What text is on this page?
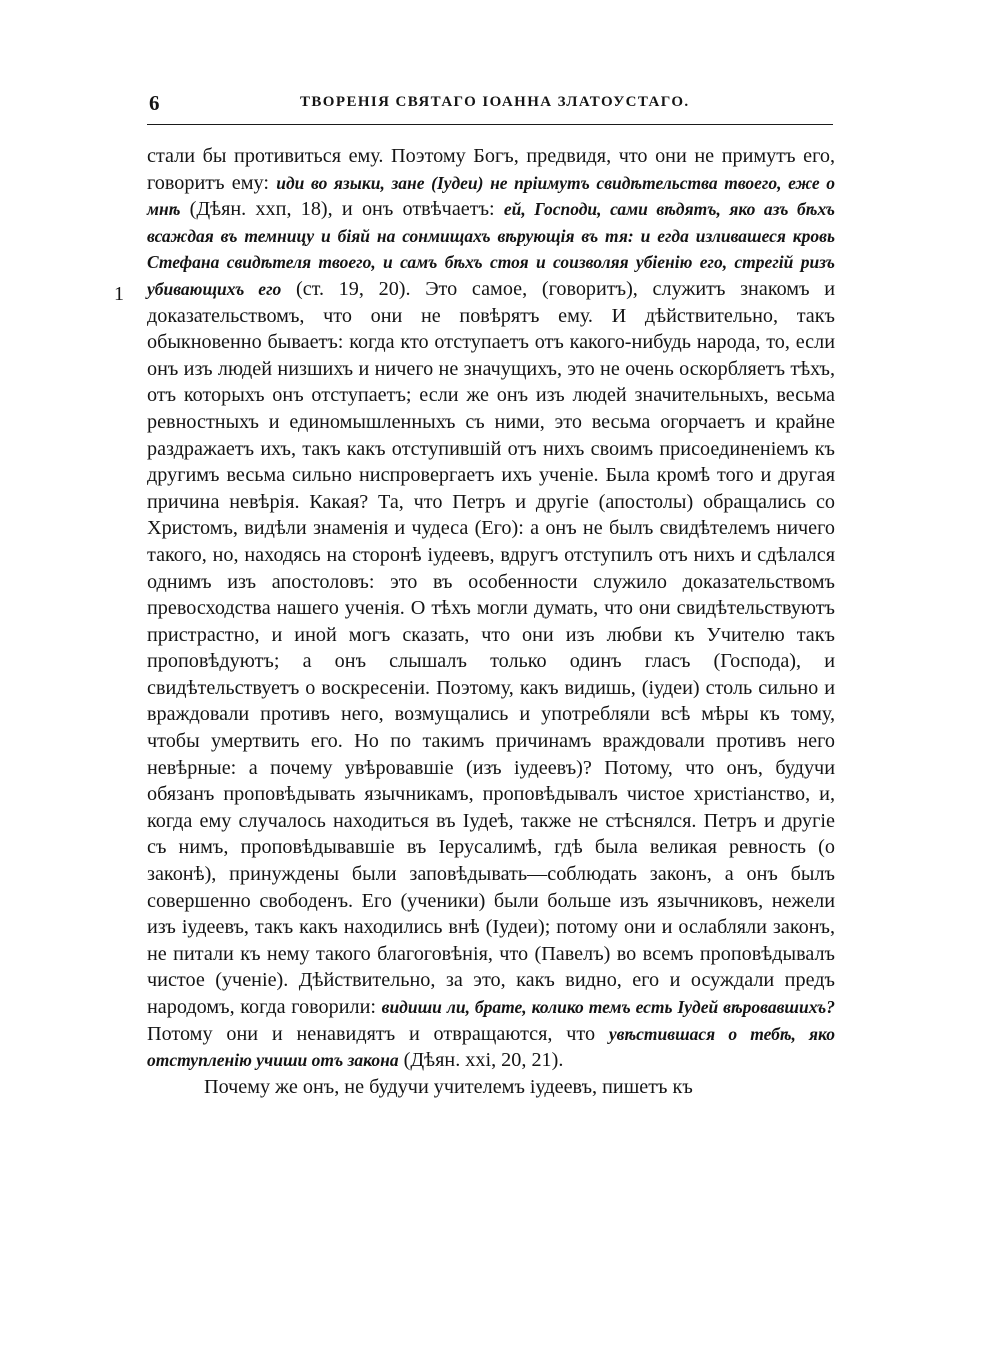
6	ТВОРЕНІЯ СВЯТАГО ІОАННА ЗЛАТОУСТАГО.
1

стали бы противиться ему. Поэтому Богъ, предвидя, что они не примутъ его, говоритъ ему: иди во языки, зане (Іудеи) не пріимутъ свидѣтельства твоего, еже о мнѣ (Дѣян. ххп, 18), и онъ отвѣчаетъ: ей, Господи, сами вѣдятъ, яко азъ бѣхъ всаждая въ темницу и біяй на сонмищахъ вѣрующія въ тя: и егда изливашеся кровь Стефана свидѣтеля твоего, и самъ бѣхъ стоя и соизволяя убіенію его, стрегій ризъ убивающихъ его (ст. 19, 20). Это самое, (говоритъ), служитъ знакомъ и доказательствомъ, что они не повѣрятъ ему. И дѣйствительно, такъ обыкновенно бываетъ: когда кто отступаетъ отъ какого-нибудь народа, то, если онъ изъ людей низшихъ и ничего не значущихъ, это не очень оскорбляетъ тѣхъ, отъ которыхъ онъ отступаетъ; если же онъ изъ людей значительныхъ, весьма ревностныхъ и единомышленныхъ съ ними, это весьма огорчаетъ и крайне раздражаетъ ихъ, такъ какъ отступившій отъ нихъ своимъ присоединеніемъ къ другимъ весьма сильно ниспровергаетъ ихъ ученіе. Была кромѣ того и другая причина невѣрія. Какая? Та, что Петръ и другіе (апостолы) обращались со Христомъ, видѣли знаменія и чудеса (Его): а онъ не былъ свидѣтелемъ ничего такого, но, находясь на сторонѣ іудеевъ, вдругъ отступилъ отъ нихъ и сдѣлался однимъ изъ апостоловъ: это въ особенности служило доказательствомъ превосходства нашего ученія. О тѣхъ могли думать, что они свидѣтельствуютъ пристрастно, и иной могъ сказать, что они изъ любви къ Учителю такъ проповѣдуютъ; а онъ слышалъ только одинъ гласъ (Господа), и свидѣтельствуетъ о воскресеніи. Поэтому, какъ видишь, (іудеи) столь сильно и враждовали противъ него, возмущались и употребляли всѣ мѣры къ тому, чтобы умертвить его. Но по такимъ причинамъ враждовали противъ него невѣрные: а почему увѣровавшіе (изъ іудеевъ)? Потому, что онъ, будучи обязанъ проповѣдывать язычникамъ, проповѣдывалъ чистое христіанство, и, когда ему случалось находиться въ Іудеѣ, также не стѣснялся. Петръ и другіе съ нимъ, проповѣдывавшіе въ Іерусалимѣ, гдѣ была великая ревность (о законѣ), принуждены были заповѣдывать—соблюдать законъ, а онъ былъ совершенно свободенъ. Его (ученики) были больше изъ язычниковъ, нежели изъ іудеевъ, такъ какъ находились внѣ (Іудеи); потому они и ослабляли законъ, не питали къ нему такого благоговѣнія, что (Павелъ) во всемъ проповѣдывалъ чистое (ученіе). Дѣйствительно, за это, какъ видно, его и осуждали предъ народомъ, когда говорили: видиши ли, брате, колико темъ есть Іудей вѣровавшихъ? Потому они и ненавидятъ и отвращаются, что увѣстившася о тебѣ, яко отступленію учиши отъ закона (Дѣян. ххі, 20, 21).

Почему же онъ, не будучи учителемъ іудеевъ, пишетъ къ
